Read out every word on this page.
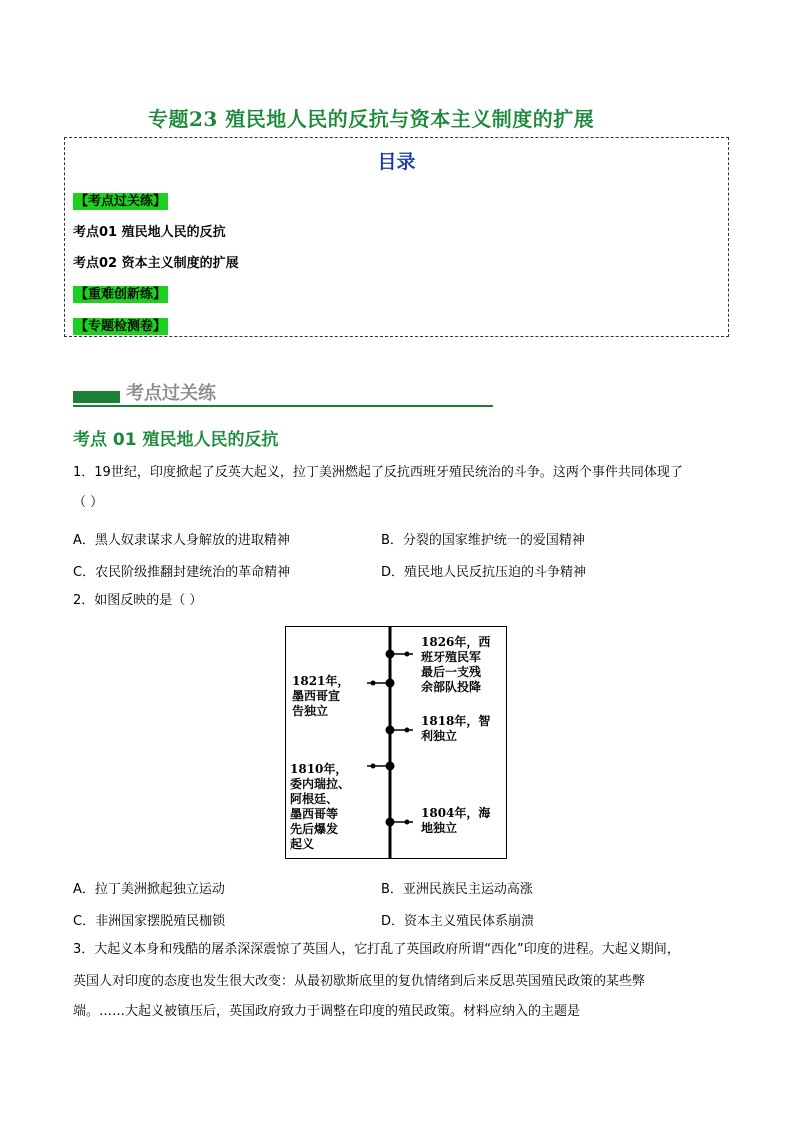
专题23 殖民地人民的反抗与资本主义制度的扩展
目录
【考点过关练】
考点01 殖民地人民的反抗
考点02 资本主义制度的扩展
【重难创新练】
【专题检测卷】
考点过关练
考点 01 殖民地人民的反抗
1．19世纪，印度掀起了反英大起义，拉丁美洲燃起了反抗西班牙殖民统治的斗争。这两个事件共同体现了
（ ）
A．黑人奴隶谋求人身解放的进取精神	B．分裂的国家维护统一的爱国精神
C．农民阶级推翻封建统治的革命精神	D．殖民地人民反抗压迫的斗争精神
2．如图反映的是（ ）
1826年，西
班牙殖民军
最后一支残
余部队投降
1821年，
墨西哥宣
告独立
1818年，智
利独立
1810年，
委内瑞拉、
阿根廷、
墨西哥等
先后爆发
起义
1804年，海
地独立
A．拉丁美洲掀起独立运动	B．亚洲民族民主运动高涨
C．非洲国家摆脱殖民枷锁	D．资本主义殖民体系崩溃
3．大起义本身和残酷的屠杀深深震惊了英国人，它打乱了英国政府所谓“西化”印度的进程。大起义期间，
英国人对印度的态度也发生很大改变：从最初歇斯底里的复仇情绪到后来反思英国殖民政策的某些弊
端。……大起义被镇压后，英国政府致力于调整在印度的殖民政策。材料应纳入的主题是
